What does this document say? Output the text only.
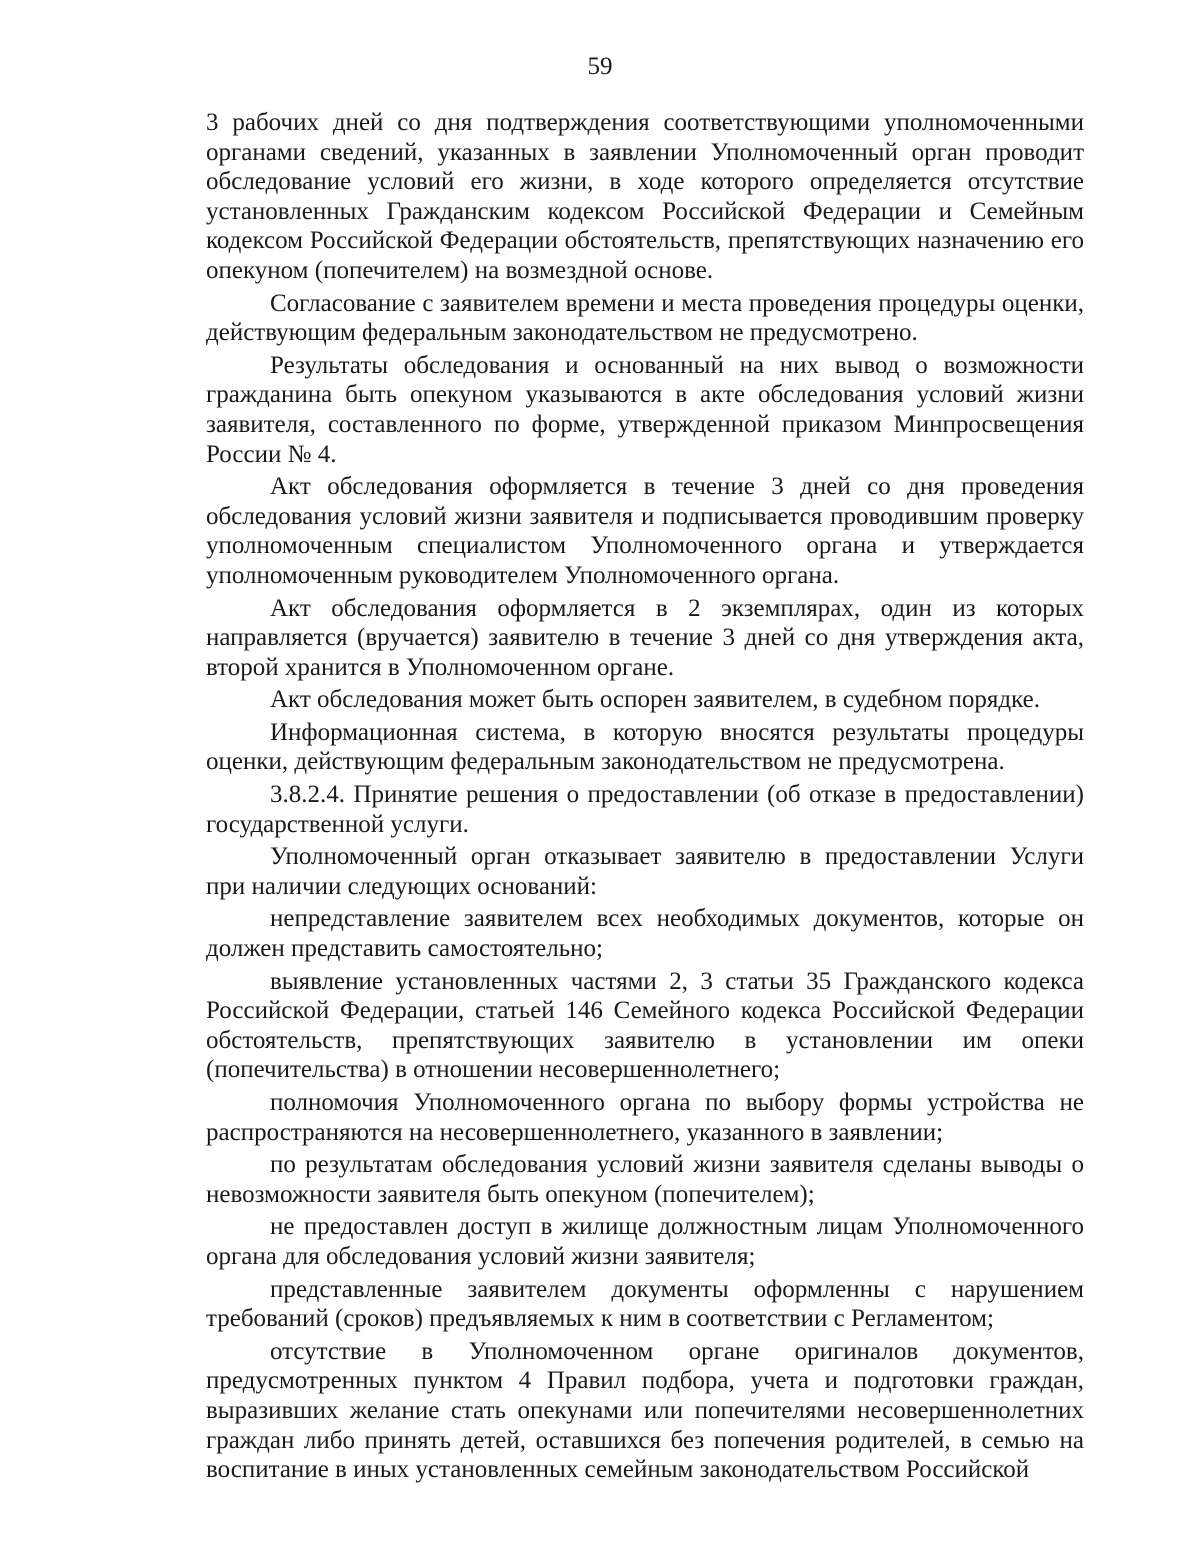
59

3 рабочих дней со дня подтверждения соответствующими уполномоченными органами сведений, указанных в заявлении Уполномоченный орган проводит обследование условий его жизни, в ходе которого определяется отсутствие установленных Гражданским кодексом Российской Федерации и Семейным кодексом Российской Федерации обстоятельств, препятствующих назначению его опекуном (попечителем) на возмездной основе.

Согласование с заявителем времени и места проведения процедуры оценки, действующим федеральным законодательством не предусмотрено.

Результаты обследования и основанный на них вывод о возможности гражданина быть опекуном указываются в акте обследования условий жизни заявителя, составленного по форме, утвержденной приказом Минпросвещения России № 4.

Акт обследования оформляется в течение 3 дней со дня проведения обследования условий жизни заявителя и подписывается проводившим проверку уполномоченным специалистом Уполномоченного органа и утверждается уполномоченным руководителем Уполномоченного органа.

Акт обследования оформляется в 2 экземплярах, один из которых направляется (вручается) заявителю в течение 3 дней со дня утверждения акта, второй хранится в Уполномоченном органе.

Акт обследования может быть оспорен заявителем, в судебном порядке.

Информационная система, в которую вносятся результаты процедуры оценки, действующим федеральным законодательством не предусмотрена.

3.8.2.4. Принятие решения о предоставлении (об отказе в предоставлении) государственной услуги.

Уполномоченный орган отказывает заявителю в предоставлении Услуги при наличии следующих оснований:

непредставление заявителем всех необходимых документов, которые он должен представить самостоятельно;

выявление установленных частями 2, 3 статьи 35 Гражданского кодекса Российской Федерации, статьей 146 Семейного кодекса Российской Федерации обстоятельств, препятствующих заявителю в установлении им опеки (попечительства) в отношении несовершеннолетнего;

полномочия Уполномоченного органа по выбору формы устройства не распространяются на несовершеннолетнего, указанного в заявлении;

по результатам обследования условий жизни заявителя сделаны выводы о невозможности заявителя быть опекуном (попечителем);

не предоставлен доступ в жилище должностным лицам Уполномоченного органа для обследования условий жизни заявителя;

представленные заявителем документы оформленны с нарушением требований (сроков) предъявляемых к ним в соответствии с Регламентом;

отсутствие в Уполномоченном органе оригиналов документов, предусмотренных пунктом 4 Правил подбора, учета и подготовки граждан, выразивших желание стать опекунами или попечителями несовершеннолетних граждан либо принять детей, оставшихся без попечения родителей, в семью на воспитание в иных установленных семейным законодательством Российской
